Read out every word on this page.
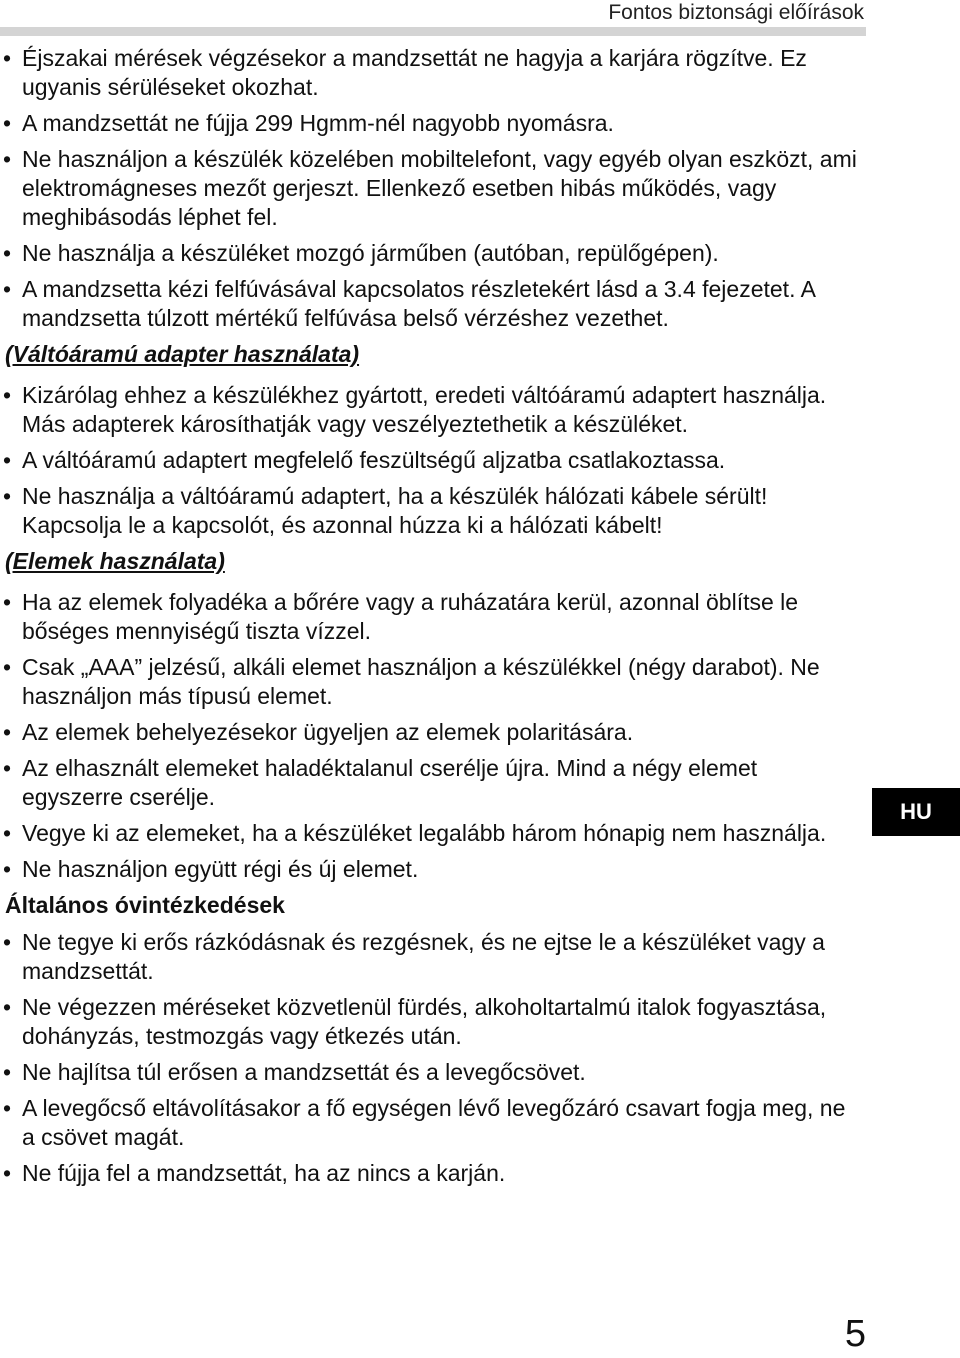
Fontos biztonsági előírások
• Éjszakai mérések végzésekor a mandzsettát ne hagyja a karjára rögzítve. Ez ugyanis sérüléseket okozhat.
• A mandzsettát ne fújja 299 Hgmm-nél nagyobb nyomásra.
• Ne használjon a készülék közelében mobiltelefont, vagy egyéb olyan eszközt, ami elektromágneses mezőt gerjeszt. Ellenkező esetben hibás működés, vagy meghibásodás léphet fel.
• Ne használja a készüléket mozgó járműben (autóban, repülőgépen).
• A mandzsetta kézi felfúvásával kapcsolatos részletekért lásd a 3.4 fejezetet. A mandzsetta túlzott mértékű felfúvása belső vérzéshez vezethet.
(Váltóáramú adapter használata)
• Kizárólag ehhez a készülékhez gyártott, eredeti váltóáramú adaptert használja. Más adapterek károsíthatják vagy veszélyeztethetik a készüléket.
• A váltóáramú adaptert megfelelő feszültségű aljzatba csatlakoztassa.
• Ne használja a váltóáramú adaptert, ha a készülék hálózati kábele sérült! Kapcsolja le a kapcsolót, és azonnal húzza ki a hálózati kábelt!
(Elemek használata)
• Ha az elemek folyadéka a bőrére vagy a ruházatára kerül, azonnal öblítse le bőséges mennyiségű tiszta vízzel.
• Csak „AAA” jelzésű, alkáli elemet használjon a készülékkel (négy darabot). Ne használjon más típusú elemet.
• Az elemek behelyezésekor ügyeljen az elemek polaritására.
• Az elhasznált elemeket haladéktalanul cserélje újra. Mind a négy elemet egyszerre cserélje.
• Vegye ki az elemeket, ha a készüléket legalább három hónapig nem használja.
• Ne használjon együtt régi és új elemet.
Általános óvintézkedések
• Ne tegye ki erős rázkódásnak és rezgésnek, és ne ejtse le a készüléket vagy a mandzsettát.
• Ne végezzen méréseket közvetlenül fürdés, alkoholtartalmú italok fogyasztása, dohányzás, testmozgás vagy étkezés után.
• Ne hajlítsa túl erősen a mandzsettát és a levegőcsövet.
• A levegőcső eltávolításakor a fő egységen lévő levegőzáró csavart fogja meg, ne a csövet magát.
• Ne fújja fel a mandzsettát, ha az nincs a karján.
HU
5
